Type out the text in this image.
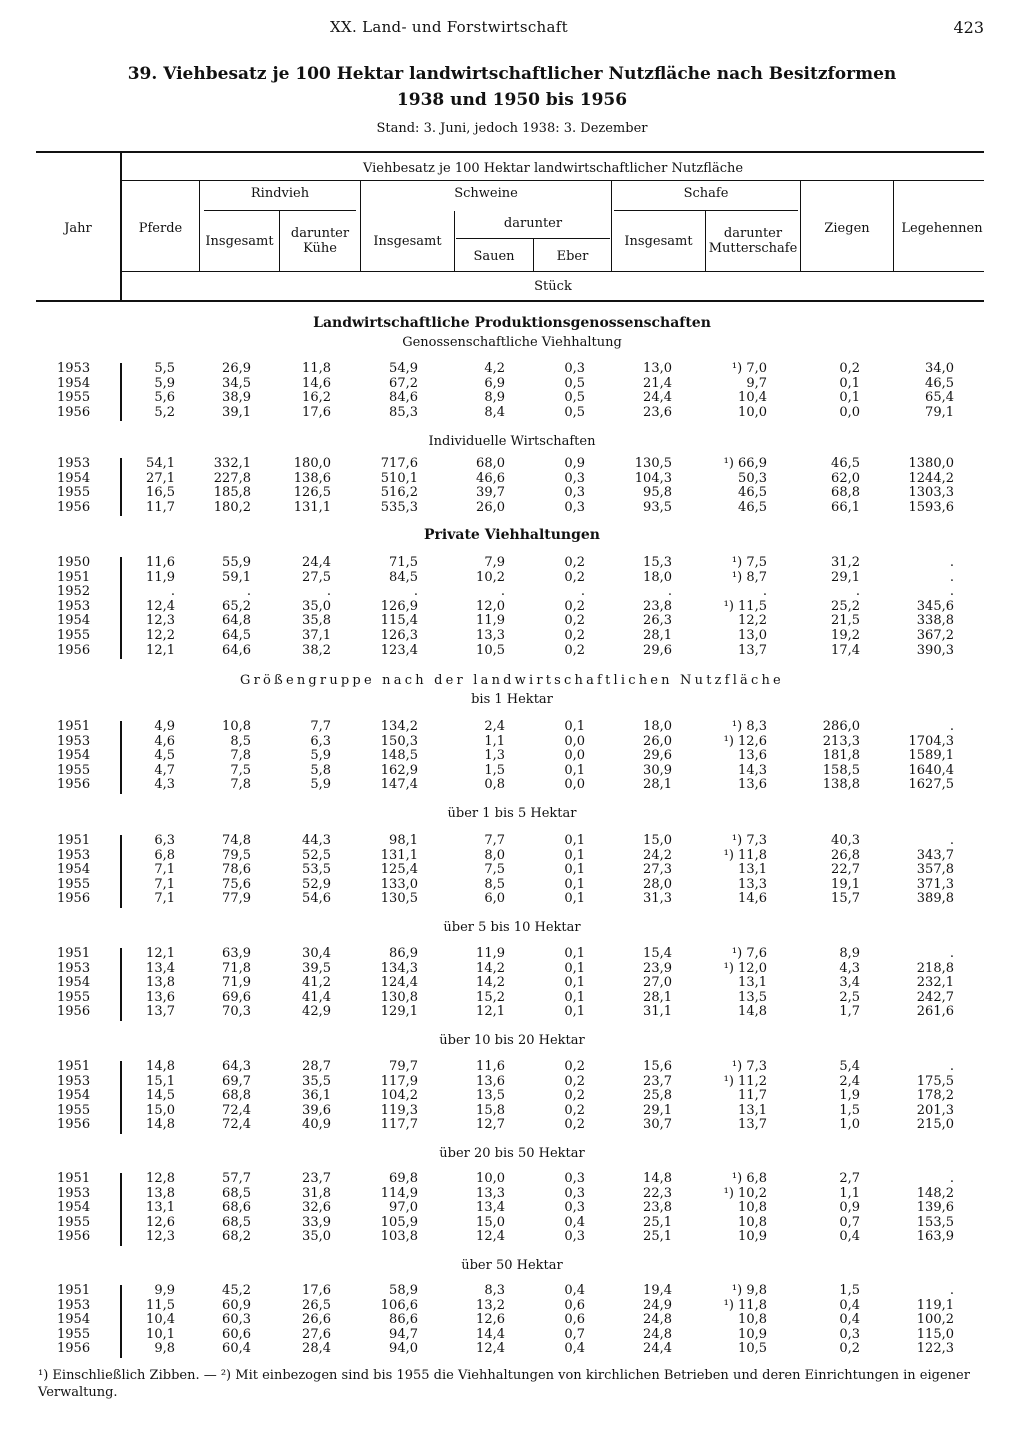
XX. Land- und Forstwirtschaft	423
39. Viehbesatz je 100 Hektar landwirtschaftlicher Nutzfläche nach Besitzformen
1938 und 1950 bis 1956
Stand: 3. Juni, jedoch 1938: 3. Dezember
Jahr
Viehbesatz je 100 Hektar landwirtschaftlicher Nutzfläche
Pferde
Rindvieh
Insgesamt
darunter
Kühe
Schweine
Insgesamt
darunter
Sauen	Eber
Schafe
Insgesamt
darunter
Mutterschafe
Ziegen	Legehennen
Stück
Landwirtschaftliche Produktionsgenossenschaften
Genossenschaftliche Viehhaltung
Individuelle Wirtschaften
Private Viehhaltungen
Größengruppe nach der landwirtschaftlichen Nutzfläche
bis 1 Hektar
über 1 bis 5 Hektar
über 5 bis 10 Hektar
über 10 bis 20 Hektar
über 20 bis 50 Hektar
über 50 Hektar
1953	5,5	26,9	11,8	54,9	4,2	0,3	13,0	¹) 7,0	0,2	34,0
1954	5,9	34,5	14,6	67,2	6,9	0,5	21,4	9,7	0,1	46,5
1955	5,6	38,9	16,2	84,6	8,9	0,5	24,4	10,4	0,1	65,4
1956	5,2	39,1	17,6	85,3	8,4	0,5	23,6	10,0	0,0	79,1
1953	54,1	332,1	180,0	717,6	68,0	0,9	130,5	¹) 66,9	46,5	1380,0
1954	27,1	227,8	138,6	510,1	46,6	0,3	104,3	50,3	62,0	1244,2
1955	16,5	185,8	126,5	516,2	39,7	0,3	95,8	46,5	68,8	1303,3
1956	11,7	180,2	131,1	535,3	26,0	0,3	93,5	46,5	66,1	1593,6
1950	11,6	55,9	24,4	71,5	7,9	0,2	15,3	¹) 7,5	31,2	.
1951	11,9	59,1	27,5	84,5	10,2	0,2	18,0	¹) 8,7	29,1	.
1952	.	.	.	.	.	.	.	.	.	.
1953	12,4	65,2	35,0	126,9	12,0	0,2	23,8	¹) 11,5	25,2	345,6
1954	12,3	64,8	35,8	115,4	11,9	0,2	26,3	12,2	21,5	338,8
1955	12,2	64,5	37,1	126,3	13,3	0,2	28,1	13,0	19,2	367,2
1956	12,1	64,6	38,2	123,4	10,5	0,2	29,6	13,7	17,4	390,3
1951	4,9	10,8	7,7	134,2	2,4	0,1	18,0	¹) 8,3	286,0	.
1953	4,6	8,5	6,3	150,3	1,1	0,0	26,0	¹) 12,6	213,3	1704,3
1954	4,5	7,8	5,9	148,5	1,3	0,0	29,6	13,6	181,8	1589,1
1955	4,7	7,5	5,8	162,9	1,5	0,1	30,9	14,3	158,5	1640,4
1956	4,3	7,8	5,9	147,4	0,8	0,0	28,1	13,6	138,8	1627,5
1951	6,3	74,8	44,3	98,1	7,7	0,1	15,0	¹) 7,3	40,3	.
1953	6,8	79,5	52,5	131,1	8,0	0,1	24,2	¹) 11,8	26,8	343,7
1954	7,1	78,6	53,5	125,4	7,5	0,1	27,3	13,1	22,7	357,8
1955	7,1	75,6	52,9	133,0	8,5	0,1	28,0	13,3	19,1	371,3
1956	7,1	77,9	54,6	130,5	6,0	0,1	31,3	14,6	15,7	389,8
1951	12,1	63,9	30,4	86,9	11,9	0,1	15,4	¹) 7,6	8,9	.
1953	13,4	71,8	39,5	134,3	14,2	0,1	23,9	¹) 12,0	4,3	218,8
1954	13,8	71,9	41,2	124,4	14,2	0,1	27,0	13,1	3,4	232,1
1955	13,6	69,6	41,4	130,8	15,2	0,1	28,1	13,5	2,5	242,7
1956	13,7	70,3	42,9	129,1	12,1	0,1	31,1	14,8	1,7	261,6
1951	14,8	64,3	28,7	79,7	11,6	0,2	15,6	¹) 7,3	5,4	.
1953	15,1	69,7	35,5	117,9	13,6	0,2	23,7	¹) 11,2	2,4	175,5
1954	14,5	68,8	36,1	104,2	13,5	0,2	25,8	11,7	1,9	178,2
1955	15,0	72,4	39,6	119,3	15,8	0,2	29,1	13,1	1,5	201,3
1956	14,8	72,4	40,9	117,7	12,7	0,2	30,7	13,7	1,0	215,0
1951	12,8	57,7	23,7	69,8	10,0	0,3	14,8	¹) 6,8	2,7	.
1953	13,8	68,5	31,8	114,9	13,3	0,3	22,3	¹) 10,2	1,1	148,2
1954	13,1	68,6	32,6	97,0	13,4	0,3	23,8	10,8	0,9	139,6
1955	12,6	68,5	33,9	105,9	15,0	0,4	25,1	10,8	0,7	153,5
1956	12,3	68,2	35,0	103,8	12,4	0,3	25,1	10,9	0,4	163,9
1951	9,9	45,2	17,6	58,9	8,3	0,4	19,4	¹) 9,8	1,5	.
1953	11,5	60,9	26,5	106,6	13,2	0,6	24,9	¹) 11,8	0,4	119,1
1954	10,4	60,3	26,6	86,6	12,6	0,6	24,8	10,8	0,4	100,2
1955	10,1	60,6	27,6	94,7	14,4	0,7	24,8	10,9	0,3	115,0
1956	9,8	60,4	28,4	94,0	12,4	0,4	24,4	10,5	0,2	122,3
¹) Einschließlich Zibben. — ²) Mit einbezogen sind bis 1955 die Viehhaltungen von kirchlichen Betrieben und deren Einrichtungen in eigener Verwaltung.
